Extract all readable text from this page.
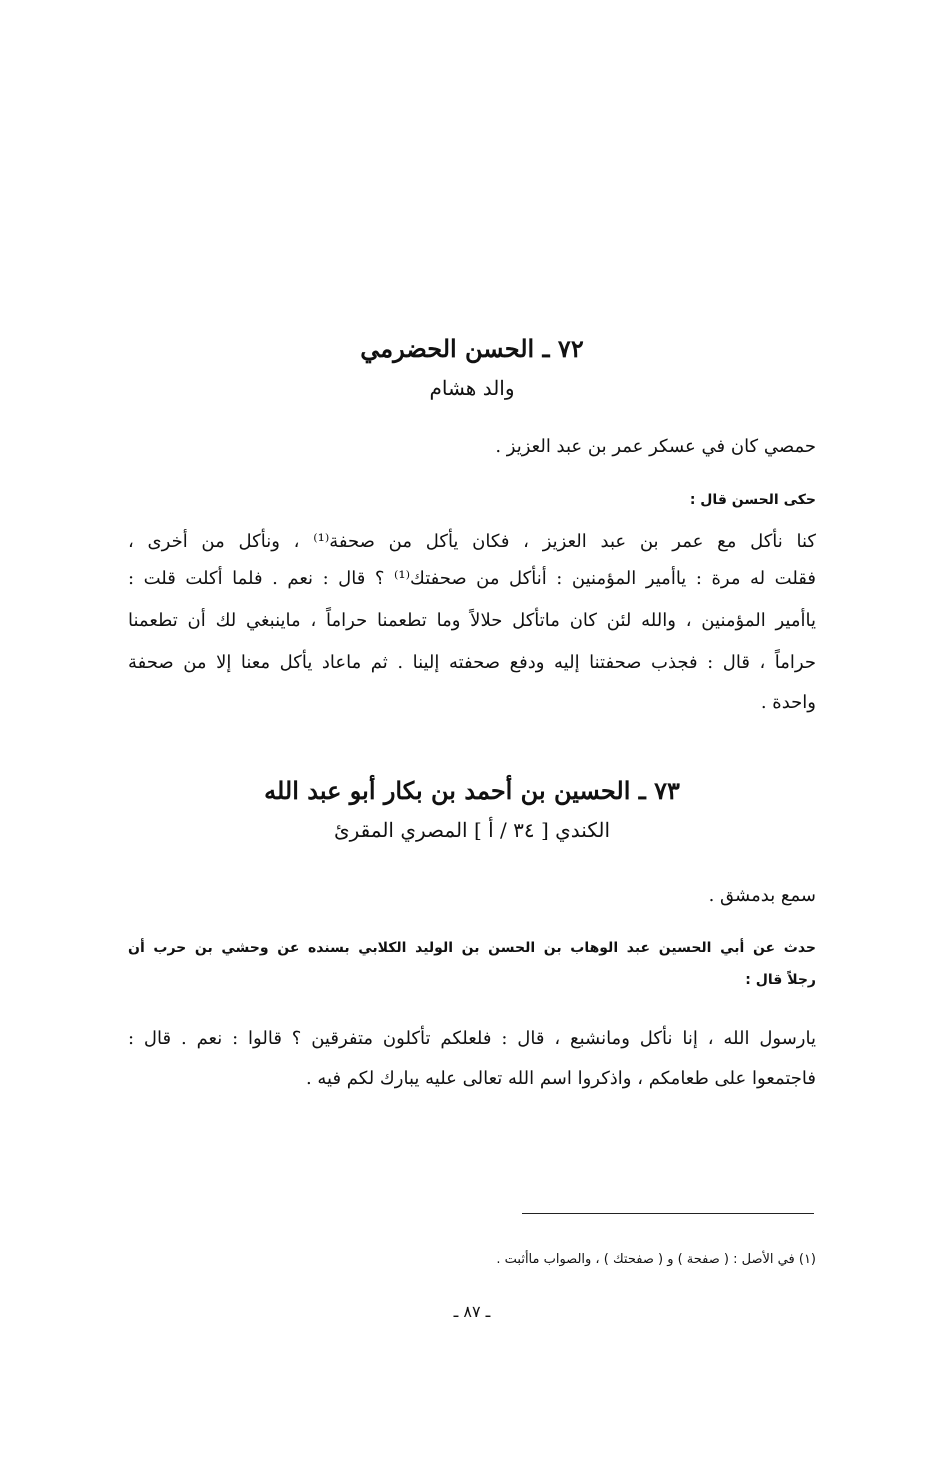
٧٢ ـ الحسن الحضرمي
والد هشام
حمصي كان في عسكر عمر بن عبد العزيز .
حكى الحسن قال :
كنا نأكل مع عمر بن عبد العزيز ، فكان يأكل من صحفة⁽¹⁾ ، ونأكل من أخرى ،
فقلت له مرة : ياأمير المؤمنين : أنأكل من صحفتك⁽¹⁾ ؟ قال : نعم . فلما أكلت قلت :
ياأمير المؤمنين ، والله لئن كان ماتأكل حلالاً وما تطعمنا حراماً ، ماينبغي لك أن تطعمنا
حراماً ، قال : فجذب صحفتنا إليه ودفع صحفته إلينا . ثم ماعاد يأكل معنا إلا من صحفة
واحدة .
٧٣ ـ الحسين بن أحمد بن بكار أبو عبد الله
الكندي [ ٣٤ / أ ] المصري المقرئ
سمع بدمشق .
حدث عن أبي الحسين عبد الوهاب بن الحسن بن الوليد الكلابي بسنده عن وحشي بن حرب أن
رجلاً قال :
يارسول الله ، إنا نأكل ومانشبع ، قال : فلعلكم تأكلون متفرقين ؟ قالوا : نعم . قال :
فاجتمعوا على طعامكم ، واذكروا اسم الله تعالى عليه يبارك لكم فيه .
(١) في الأصل : ( صفحة ) و ( صفحتك ) ، والصواب ماأثبت .
ـ ٨٧ ـ
